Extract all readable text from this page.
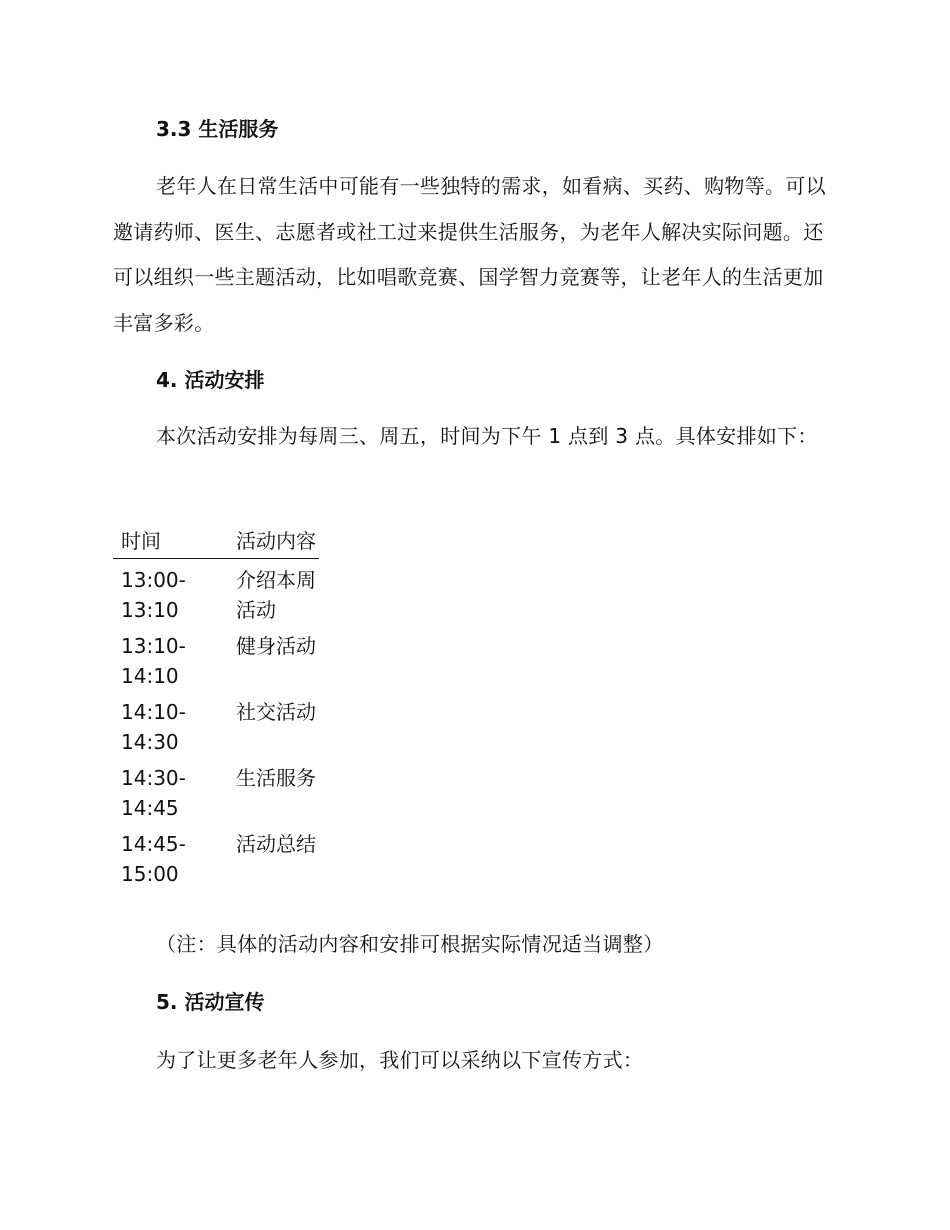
3.3 生活服务
老年人在日常生活中可能有一些独特的需求，如看病、买药、购物等。可以邀请药师、医生、志愿者或社工过来提供生活服务，为老年人解决实际问题。还可以组织一些主题活动，比如唱歌竞赛、国学智力竞赛等，让老年人的生活更加丰富多彩。
4. 活动安排
本次活动安排为每周三、周五，时间为下午 1 点到 3 点。具体安排如下：
时间	活动内容
13:00-13:10
介绍本周活动
13:10-14:10
健身活动
14:10-14:30
社交活动
14:30-14:45
生活服务
14:45-15:00
活动总结
（注：具体的活动内容和安排可根据实际情况适当调整）
5. 活动宣传
为了让更多老年人参加，我们可以采纳以下宣传方式：
